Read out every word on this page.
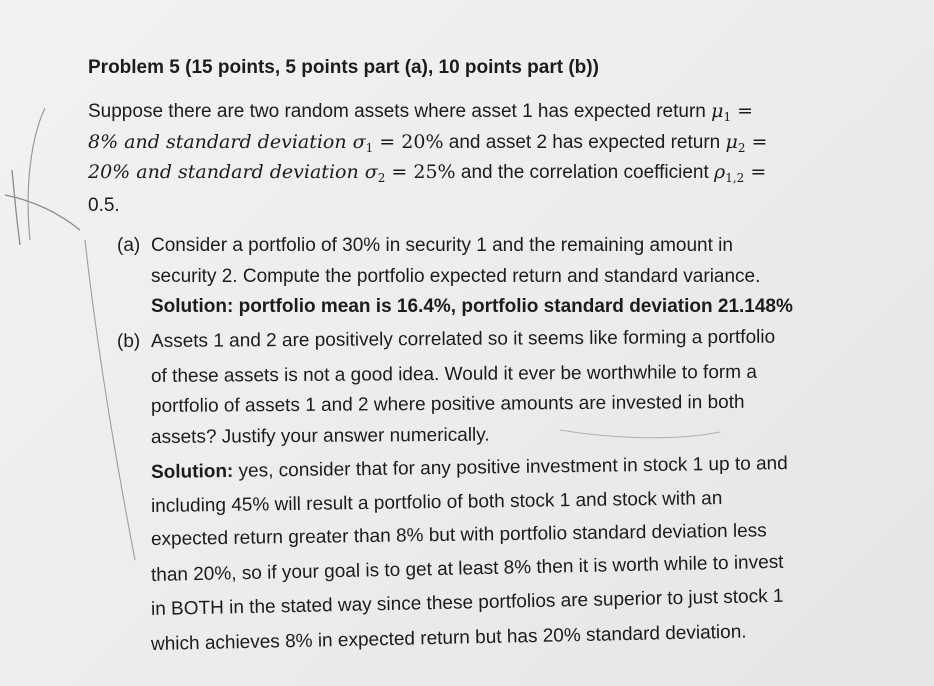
Problem 5 (15 points, 5 points part (a), 10 points part (b))
Suppose there are two random assets where asset 1 has expected return $\mu_1$ =
8% and standard deviation $\sigma_1 = 20\%$ and asset 2 has expected return $\mu_2$ =
20% and standard deviation $\sigma_2 = 25\%$ and the correlation coefficient $\rho_{1,2}$ =
0.5.
(a) Consider a portfolio of 30% in security 1 and the remaining amount in
security 2. Compute the portfolio expected return and standard variance.
Solution: portfolio mean is 16.4%, portfolio standard deviation 21.148%
(b) Assets 1 and 2 are positively correlated so it seems like forming a portfolio
of these assets is not a good idea. Would it ever be worthwhile to form a
portfolio of assets 1 and 2 where positive amounts are invested in both
assets? Justify your answer numerically.
Solution: yes, consider that for any positive investment in stock 1 up to and
including 45% will result a portfolio of both stock 1 and stock with an
expected return greater than 8% but with portfolio standard deviation less
than 20%, so if your goal is to get at least 8% then it is worth while to invest
in BOTH in the stated way since these portfolios are superior to just stock 1
which achieves 8% in expected return but has 20% standard deviation.
